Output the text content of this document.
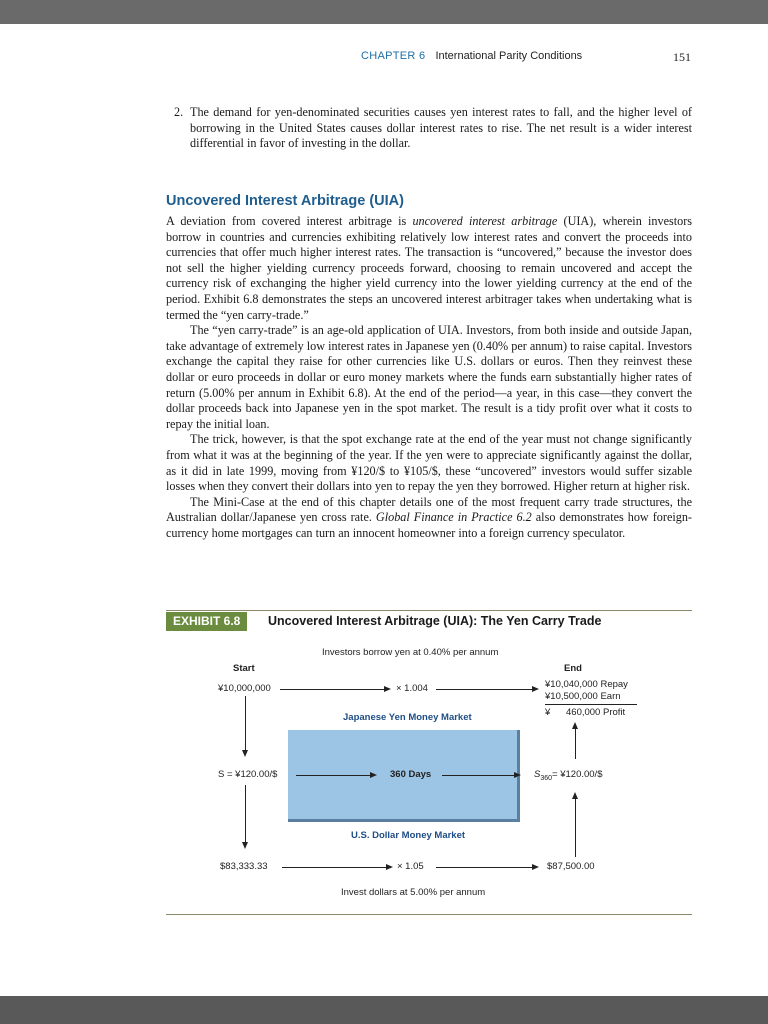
CHAPTER 6 International Parity Conditions	151
2. The demand for yen-denominated securities causes yen interest rates to fall, and the higher level of borrowing in the United States causes dollar interest rates to rise. The net result is a wider interest differential in favor of investing in the dollar.
Uncovered Interest Arbitrage (UIA)

A deviation from covered interest arbitrage is uncovered interest arbitrage (UIA), wherein investors borrow in countries and currencies exhibiting relatively low interest rates and convert the proceeds into currencies that offer much higher interest rates. The transaction is “uncovered,” because the investor does not sell the higher yielding currency proceeds forward, choosing to remain uncovered and accept the currency risk of exchanging the higher yield currency into the lower yielding currency at the end of the period. Exhibit 6.8 demonstrates the steps an uncovered interest arbitrager takes when undertaking what is termed the “yen carry-trade.”

The “yen carry-trade” is an age-old application of UIA. Investors, from both inside and outside Japan, take advantage of extremely low interest rates in Japanese yen (0.40% per annum) to raise capital. Investors exchange the capital they raise for other currencies like U.S. dollars or euros. Then they reinvest these dollar or euro proceeds in dollar or euro money markets where the funds earn substantially higher rates of return (5.00% per annum in Exhibit 6.8). At the end of the period—a year, in this case—they convert the dollar proceeds back into Japanese yen in the spot market. The result is a tidy profit over what it costs to repay the initial loan.

The trick, however, is that the spot exchange rate at the end of the year must not change significantly from what it was at the beginning of the year. If the yen were to appreciate significantly against the dollar, as it did in late 1999, moving from ¥120/$ to ¥105/$, these “uncovered” investors would suffer sizable losses when they convert their dollars into yen to repay the yen they borrowed. Higher return at higher risk.

The Mini-Case at the end of this chapter details one of the most frequent carry trade structures, the Australian dollar/Japanese yen cross rate. Global Finance in Practice 6.2 also demonstrates how foreign-currency home mortgages can turn an innocent homeowner into a foreign currency speculator.

EXHIBIT 6.8	Uncovered Interest Arbitrage (UIA): The Yen Carry Trade
Investors borrow yen at 0.40% per annum
Start	End
¥10,000,000	× 1.004	¥10,040,000 Repay
¥10,500,000 Earn
¥ 460,000 Profit
Japanese Yen Money Market
S = ¥120.00/$	360 Days	$S_{360}=$ ¥120.00/$
U.S. Dollar Money Market
$83,333.33	× 1.05	$87,500.00
Invest dollars at 5.00% per annum
